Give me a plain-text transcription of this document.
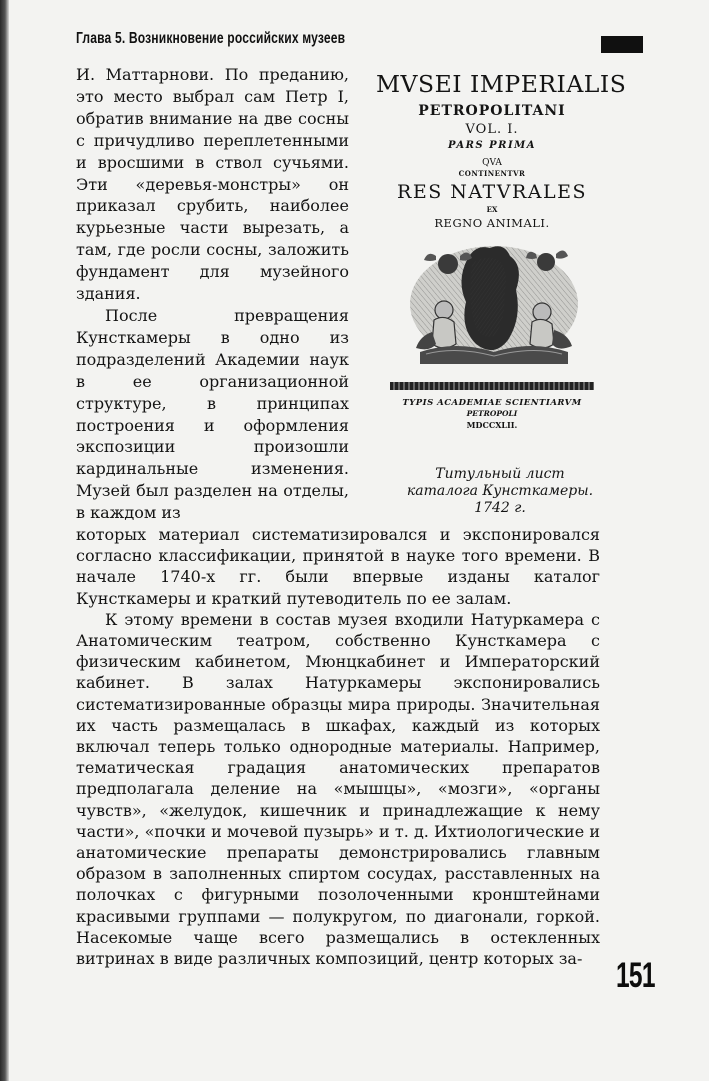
Глава 5. Возникновение российских музеев

И. Маттарнови. По преданию, это место выбрал сам Петр I, обратив внимание на две сосны с причудливо переплетенными и вросшими в ствол сучьями. Эти «деревья-монстры» он приказал срубить, наиболее курьезные части вырезать, а там, где росли сосны, заложить фундамент для музейного здания.

После превращения Кунсткамеры в одно из подразделений Академии наук в ее организационной структуре, в принципах построения и оформления экспозиции произошли кардинальные изменения. Музей был разделен на отделы, в каждом из

MVSEI IMPERIALIS
PETROPOLITANI
VOL. I.
PARS PRIMA
QVA
CONTINENTVR
RES NATVRALES
EX
REGNO ANIMALI.
TYPIS ACADEMIAE SCIENTIARVM
PETROPOLI
MDCCXLII.
Титульный лист
каталога Кунсткамеры.
1742 г.

которых материал систематизировался и экспонировался согласно классификации, принятой в науке того времени. В начале 1740-х гг. были впервые изданы каталог Кунсткамеры и краткий путеводитель по ее залам.

К этому времени в состав музея входили Натуркамера с Анатомическим театром, собственно Кунсткамера с физическим кабинетом, Мюнцкабинет и Императорский кабинет. В залах Натуркамеры экспонировались систематизированные образцы мира природы. Значительная их часть размещалась в шкафах, каждый из которых включал теперь только однородные материалы. Например, тематическая градация анатомических препаратов предполагала деление на «мышцы», «мозги», «органы чувств», «желудок, кишечник и принадлежащие к нему части», «почки и мочевой пузырь» и т. д. Ихтиологические и анатомические препараты демонстрировались главным образом в заполненных спиртом сосудах, расставленных на полочках с фигурными позолоченными кронштейнами красивыми группами — полукругом, по диагонали, горкой. Насекомые чаще всего размещались в остекленных витринах в виде различных композиций, центр которых за- 151
